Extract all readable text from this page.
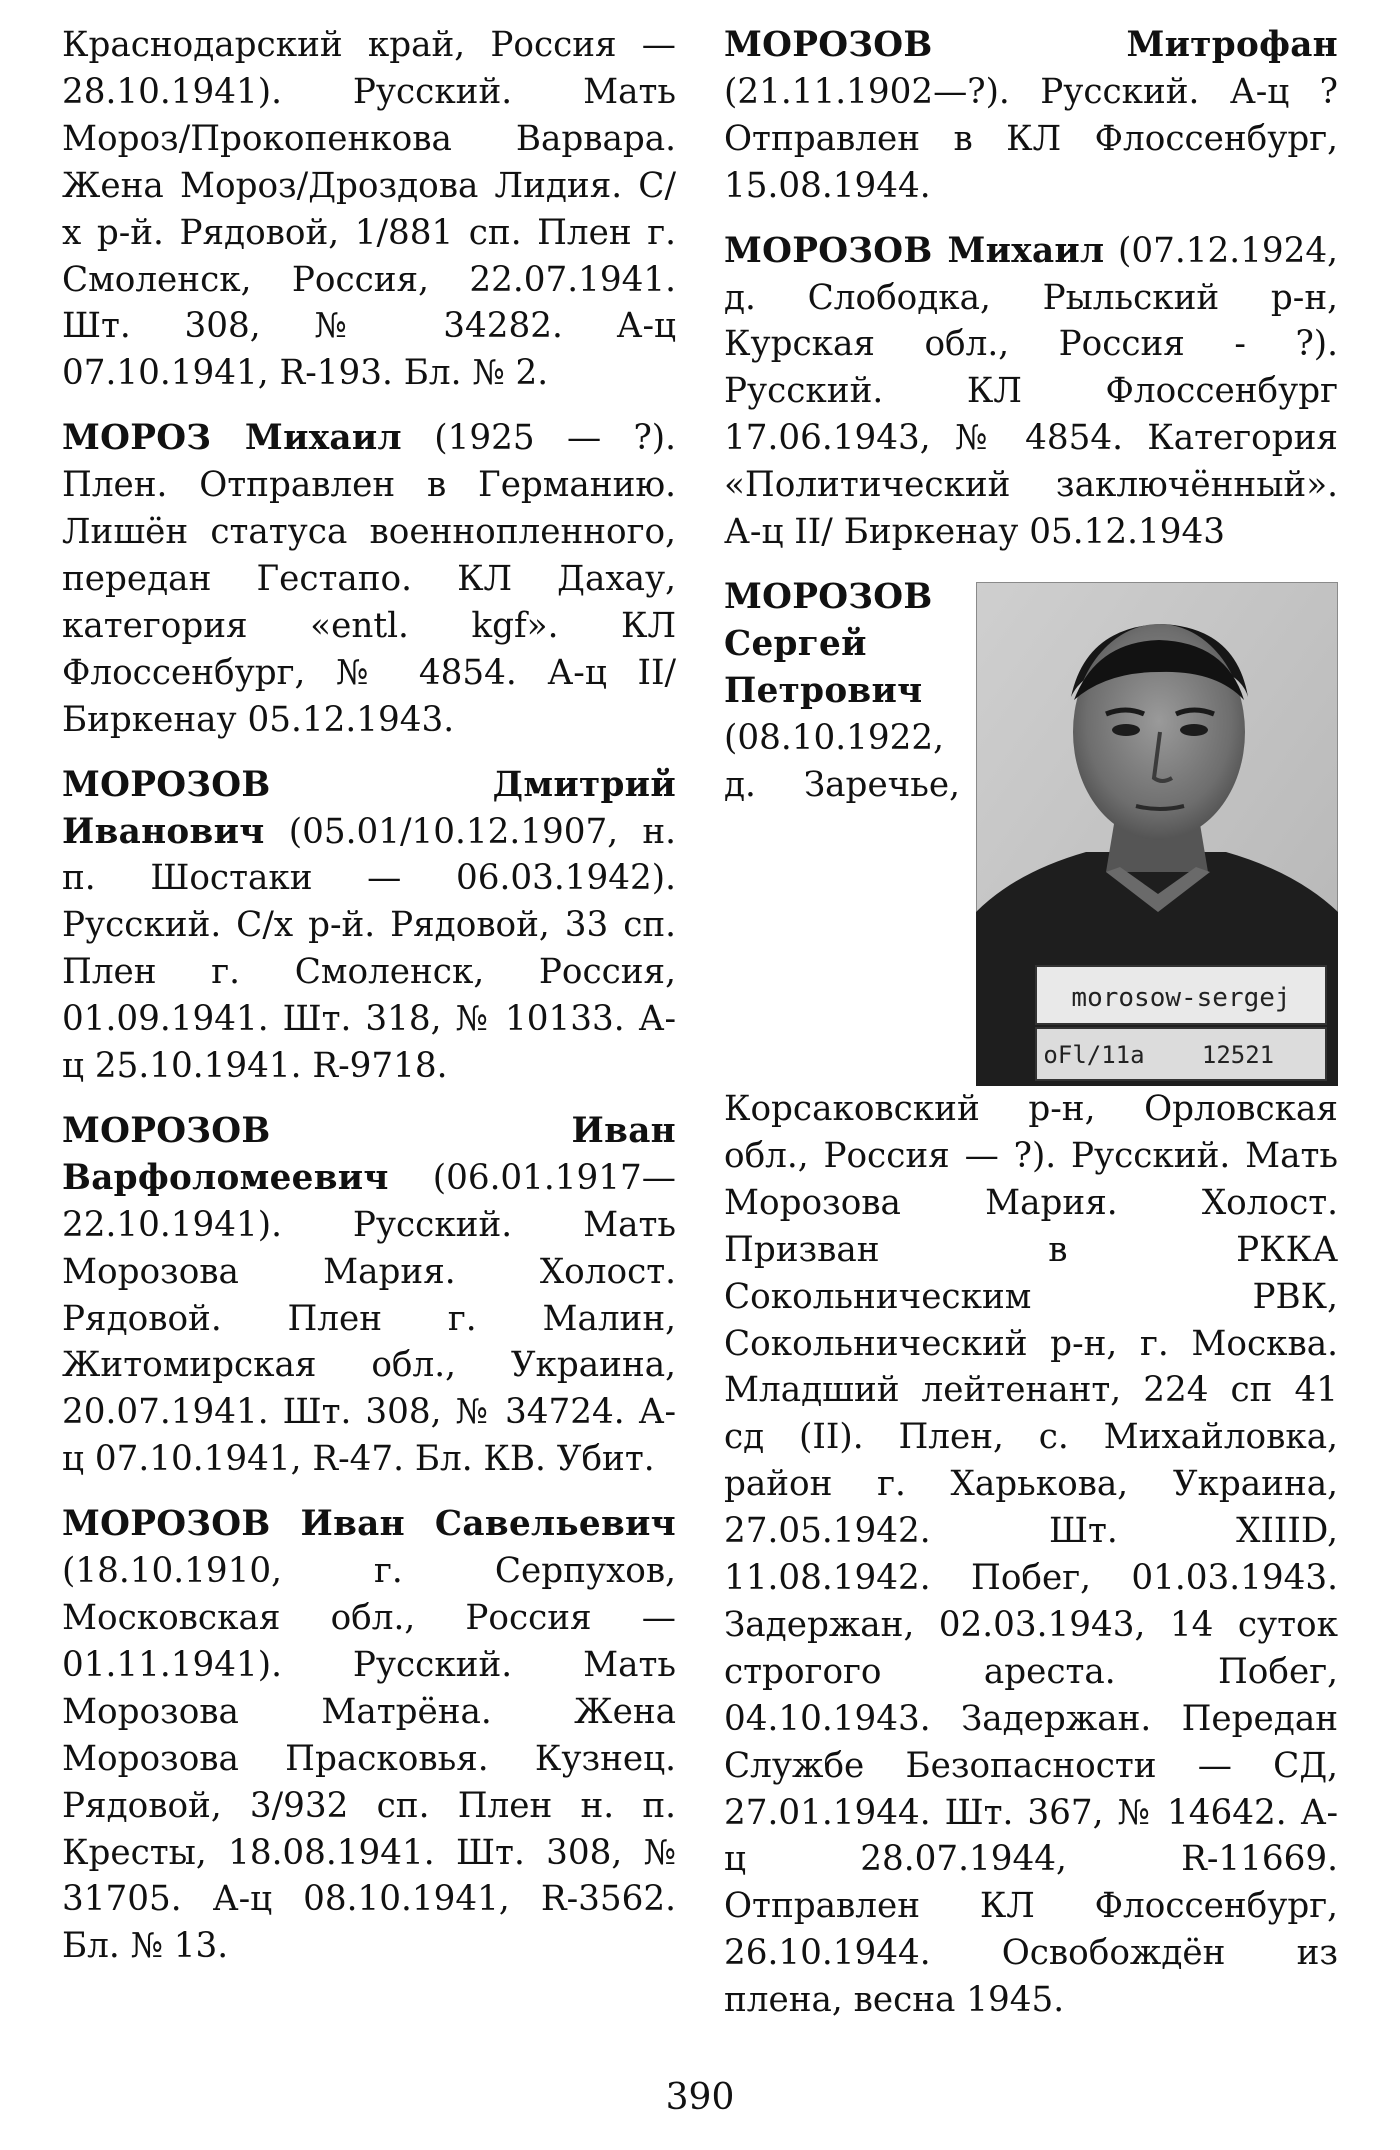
Краснодарский край, Россия — 28.10.1941). Русский. Мать Мороз/Прокопенкова Варвара. Жена Мороз/Дроздова Лидия. С/х р-й. Рядовой, 1/881 сп. Плен г. Смоленск, Россия, 22.07.1941. Шт. 308, № 34282. А-ц 07.10.1941, R-193. Бл. № 2.

МОРОЗ Михаил (1925 — ?). Плен. Отправлен в Германию. Лишён статуса военнопленного, передан Гестапо. КЛ Дахау, категория «entl. kgf». КЛ Флоссенбург, № 4854. А-ц II/ Биркенау 05.12.1943.

МОРОЗОВ Дмитрий Иванович (05.01/10.12.1907, н. п. Шостаки — 06.03.1942). Русский. С/х р-й. Рядовой, 33 сп. Плен г. Смоленск, Россия, 01.09.1941. Шт. 318, № 10133. А-ц 25.10.1941. R-9718.

МОРОЗОВ Иван Варфоломеевич (06.01.1917—22.10.1941). Русский. Мать Морозова Мария. Холост. Рядовой. Плен г. Малин, Житомирская обл., Украина, 20.07.1941. Шт. 308, № 34724. А-ц 07.10.1941, R-47. Бл. КВ. Убит.

МОРОЗОВ Иван Савельевич (18.10.1910, г. Серпухов, Московская обл., Россия — 01.11.1941). Русский. Мать Морозова Матрёна. Жена Морозова Прасковья. Кузнец. Рядовой, 3/932 сп. Плен н. п. Кресты, 18.08.1941. Шт. 308, № 31705. А-ц 08.10.1941, R-3562. Бл. № 13.

МОРОЗОВ Митрофан (21.11.1902—?). Русский. А-ц ? Отправлен в КЛ Флоссенбург, 15.08.1944.

МОРОЗОВ Михаил (07.12.1924, д. Слободка, Рыльский р-н, Курская обл., Россия - ?). Русский. КЛ Флоссенбург 17.06.1943, № 4854. Категория «Политический заключённый». А-ц II/ Биркенау 05.12.1943

morosow-sergej
oFl/11a 12521
МОРОЗОВ Сергей Петрович (08.10.1922, д. Заречье, Корсаковский р-н, Орловская обл., Россия — ?). Русский. Мать Морозова Мария. Холост. Призван в РККА Сокольническим РВК, Сокольнический р-н, г. Москва. Младший лейтенант, 224 сп 41 сд (II). Плен, с. Михайловка, район г. Харькова, Украина, 27.05.1942. Шт. XIIID, 11.08.1942. Побег, 01.03.1943. Задержан, 02.03.1943, 14 суток строгого ареста. Побег, 04.10.1943. Задержан. Передан Службе Безопасности — СД, 27.01.1944. Шт. 367, № 14642. А-ц 28.07.1944, R-11669. Отправлен КЛ Флоссенбург, 26.10.1944. Освобождён из плена, весна 1945.

390
